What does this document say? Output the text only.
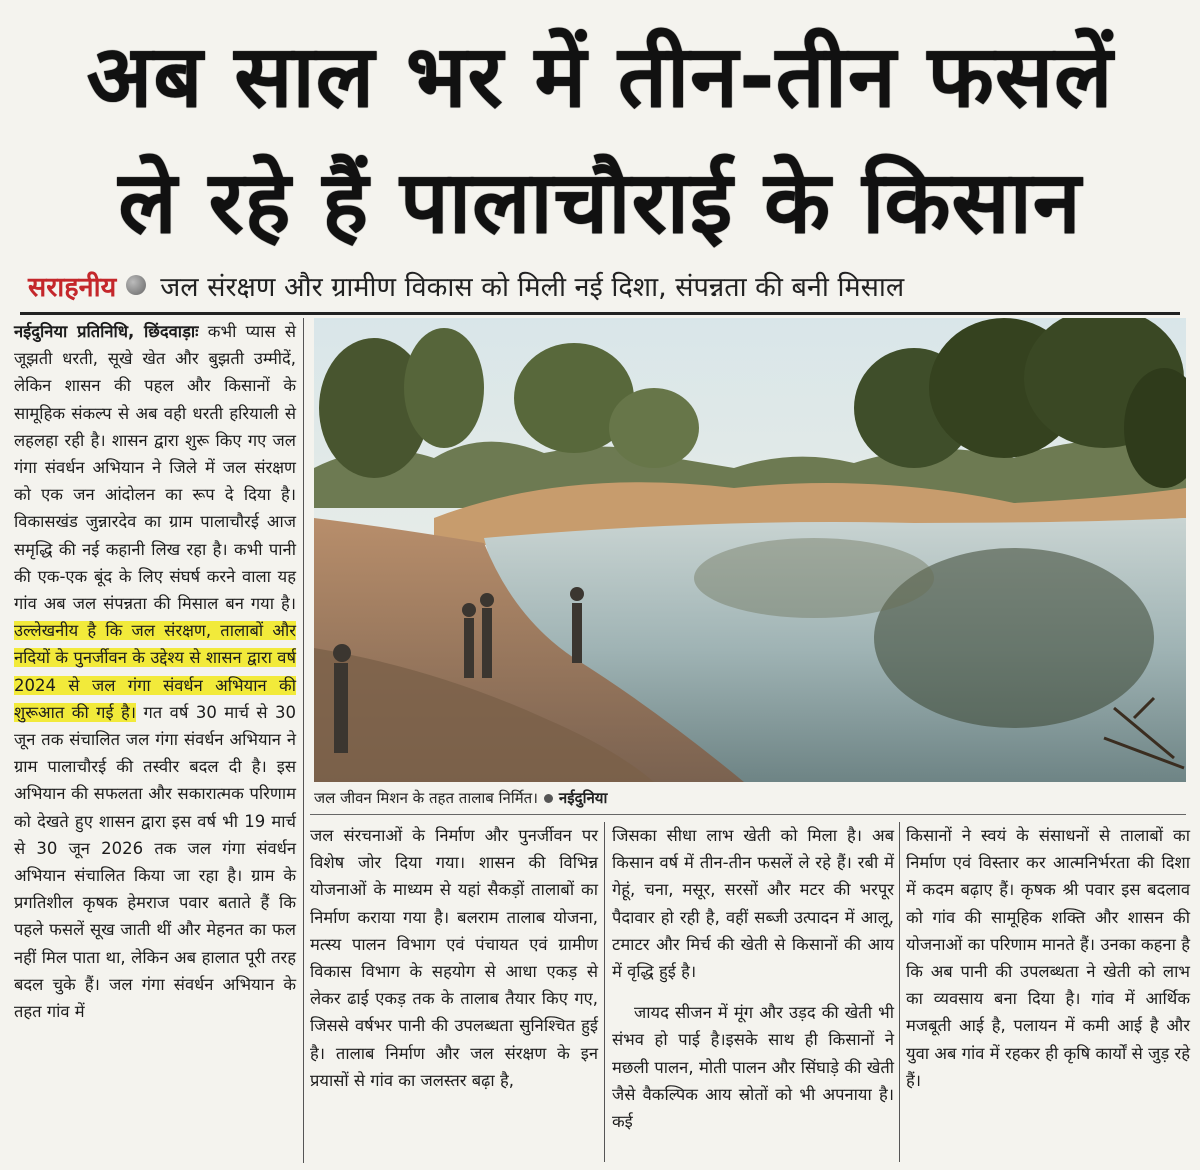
अब साल भर में तीन-तीन फसलें
ले रहे हैं पालाचौराई के किसान
सराहनीय जल संरक्षण और ग्रामीण विकास को मिली नई दिशा, संपन्नता की बनी मिसाल

नईदुनिया प्रतिनिधि, छिंदवाड़ाः कभी प्यास से जूझती धरती, सूखे खेत और बुझती उम्मीदें, लेकिन शासन की पहल और किसानों के सामूहिक संकल्प से अब वही धरती हरियाली से लहलहा रही है। शासन द्वारा शुरू किए गए जल गंगा संवर्धन अभियान ने जिले में जल संरक्षण को एक जन आंदोलन का रूप दे दिया है। विकासखंड जुन्नारदेव का ग्राम पालाचौरई आज समृद्धि की नई कहानी लिख रहा है। कभी पानी की एक-एक बूंद के लिए संघर्ष करने वाला यह गांव अब जल संपन्नता की मिसाल बन गया है। उल्लेखनीय है कि जल संरक्षण, तालाबों और नदियों के पुनर्जीवन के उद्देश्य से शासन द्वारा वर्ष 2024 से जल गंगा संवर्धन अभियान की शुरूआत की गई है। गत वर्ष 30 मार्च से 30 जून तक संचालित जल गंगा संवर्धन अभियान ने ग्राम पालाचौरई की तस्वीर बदल दी है। इस अभियान की सफलता और सकारात्मक परिणाम को देखते हुए शासन द्वारा इस वर्ष भी 19 मार्च से 30 जून 2026 तक जल गंगा संवर्धन अभियान संचालित किया जा रहा है। ग्राम के प्रगतिशील कृषक हेमराज पवार बताते हैं कि पहले फसलें सूख जाती थीं और मेहनत का फल नहीं मिल पाता था, लेकिन अब हालात पूरी तरह बदल चुके हैं। जल गंगा संवर्धन अभियान के तहत गांव में

जल जीवन मिशन के तहत तालाब निर्मित। नईदुनिया

जल संरचनाओं के निर्माण और पुनर्जीवन पर विशेष जोर दिया गया। शासन की विभिन्न योजनाओं के माध्यम से यहां सैकड़ों तालाबों का निर्माण कराया गया है। बलराम तालाब योजना, मत्स्य पालन विभाग एवं पंचायत एवं ग्रामीण विकास विभाग के सहयोग से आधा एकड़ से लेकर ढाई एकड़ तक के तालाब तैयार किए गए, जिससे वर्षभर पानी की उपलब्धता सुनिश्चित हुई है। तालाब निर्माण और जल संरक्षण के इन प्रयासों से गांव का जलस्तर बढ़ा है,

जिसका सीधा लाभ खेती को मिला है। अब किसान वर्ष में तीन-तीन फसलें ले रहे हैं। रबी में गेहूं, चना, मसूर, सरसों और मटर की भरपूर पैदावार हो रही है, वहीं सब्जी उत्पादन में आलू, टमाटर और मिर्च की खेती से किसानों की आय में वृद्धि हुई है।

जायद सीजन में मूंग और उड़द की खेती भी संभव हो पाई है।इसके साथ ही किसानों ने मछली पालन, मोती पालन और सिंघाड़े की खेती जैसे वैकल्पिक आय स्रोतों को भी अपनाया है। कई

किसानों ने स्वयं के संसाधनों से तालाबों का निर्माण एवं विस्तार कर आत्मनिर्भरता की दिशा में कदम बढ़ाए हैं। कृषक श्री पवार इस बदलाव को गांव की सामूहिक शक्ति और शासन की योजनाओं का परिणाम मानते हैं। उनका कहना है कि अब पानी की उपलब्धता ने खेती को लाभ का व्यवसाय बना दिया है। गांव में आर्थिक मजबूती आई है, पलायन में कमी आई है और युवा अब गांव में रहकर ही कृषि कार्यों से जुड़ रहे हैं।
